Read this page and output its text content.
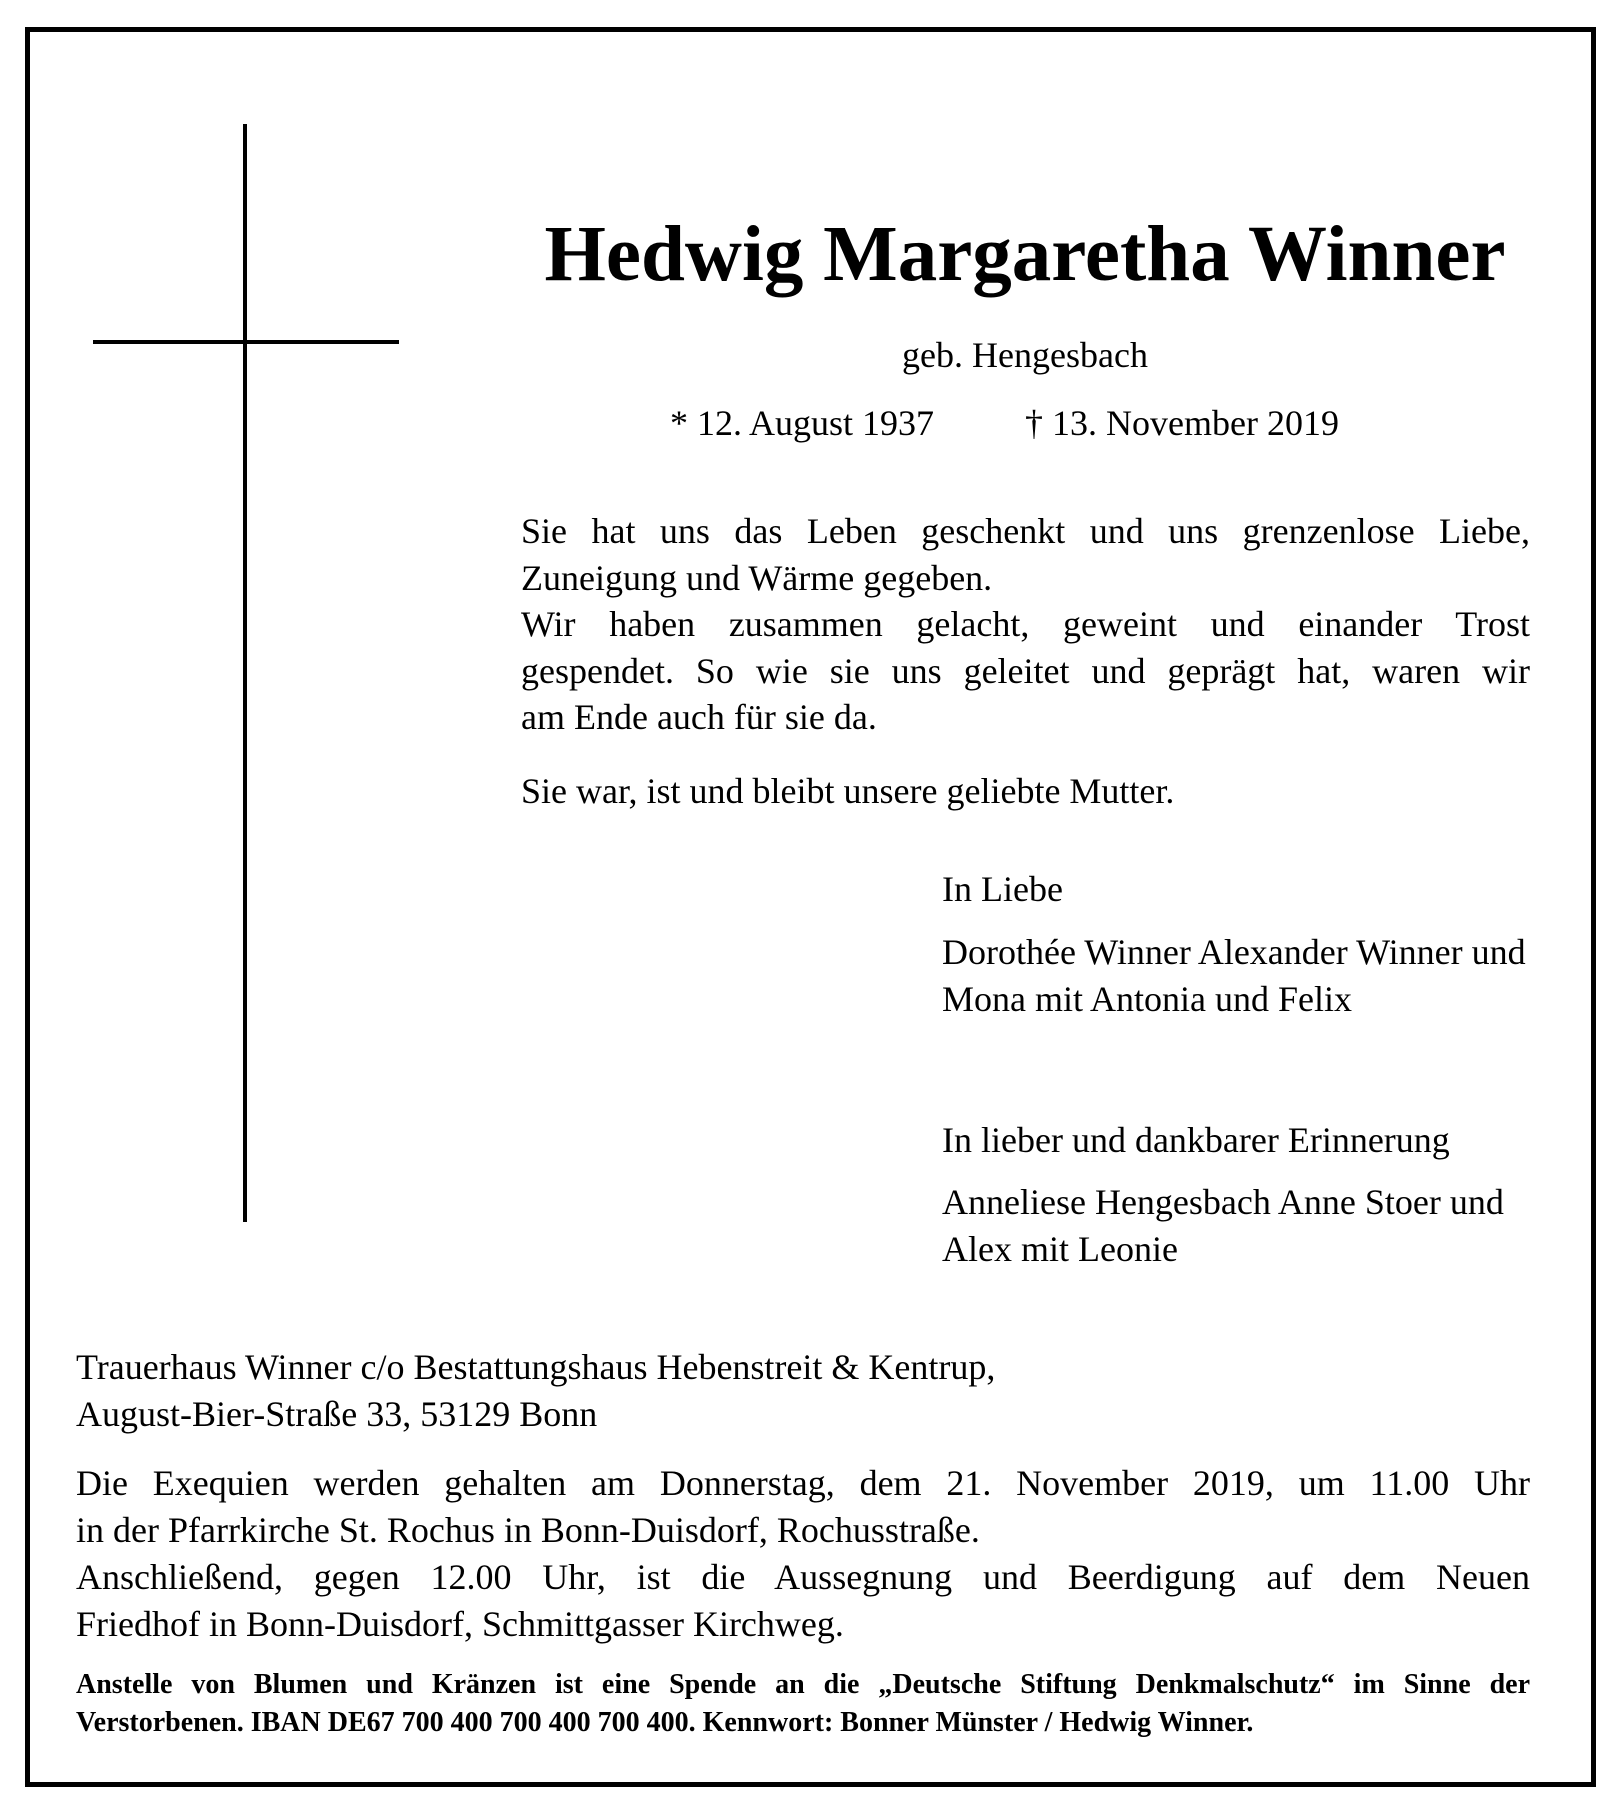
Hedwig Margaretha Winner
geb. Hengesbach
* 12. August 1937	† 13. November 2019
Sie hat uns das Leben geschenkt und uns grenzenlose Liebe,
Zuneigung und Wärme gegeben.
Wir haben zusammen gelacht, geweint und einander Trost
gespendet. So wie sie uns geleitet und geprägt hat, waren wir
am Ende auch für sie da.
Sie war, ist und bleibt unsere geliebte Mutter.
In Liebe
Dorothée Winner Alexander Winner und Mona mit Antonia und Felix
In lieber und dankbarer Erinnerung
Anneliese Hengesbach Anne Stoer und Alex mit Leonie
Trauerhaus Winner c/o Bestattungshaus Hebenstreit & Kentrup,
August-Bier-Straße 33, 53129 Bonn
Die Exequien werden gehalten am Donnerstag, dem 21. November 2019, um 11.00 Uhr
in der Pfarrkirche St. Rochus in Bonn-Duisdorf, Rochusstraße.
Anschließend, gegen 12.00 Uhr, ist die Aussegnung und Beerdigung auf dem Neuen
Friedhof in Bonn-Duisdorf, Schmittgasser Kirchweg.
Anstelle von Blumen und Kränzen ist eine Spende an die „Deutsche Stiftung Denkmalschutz“ im Sinne der
Verstorbenen. IBAN DE67 700 400 700 400 700 400. Kennwort: Bonner Münster / Hedwig Winner.
